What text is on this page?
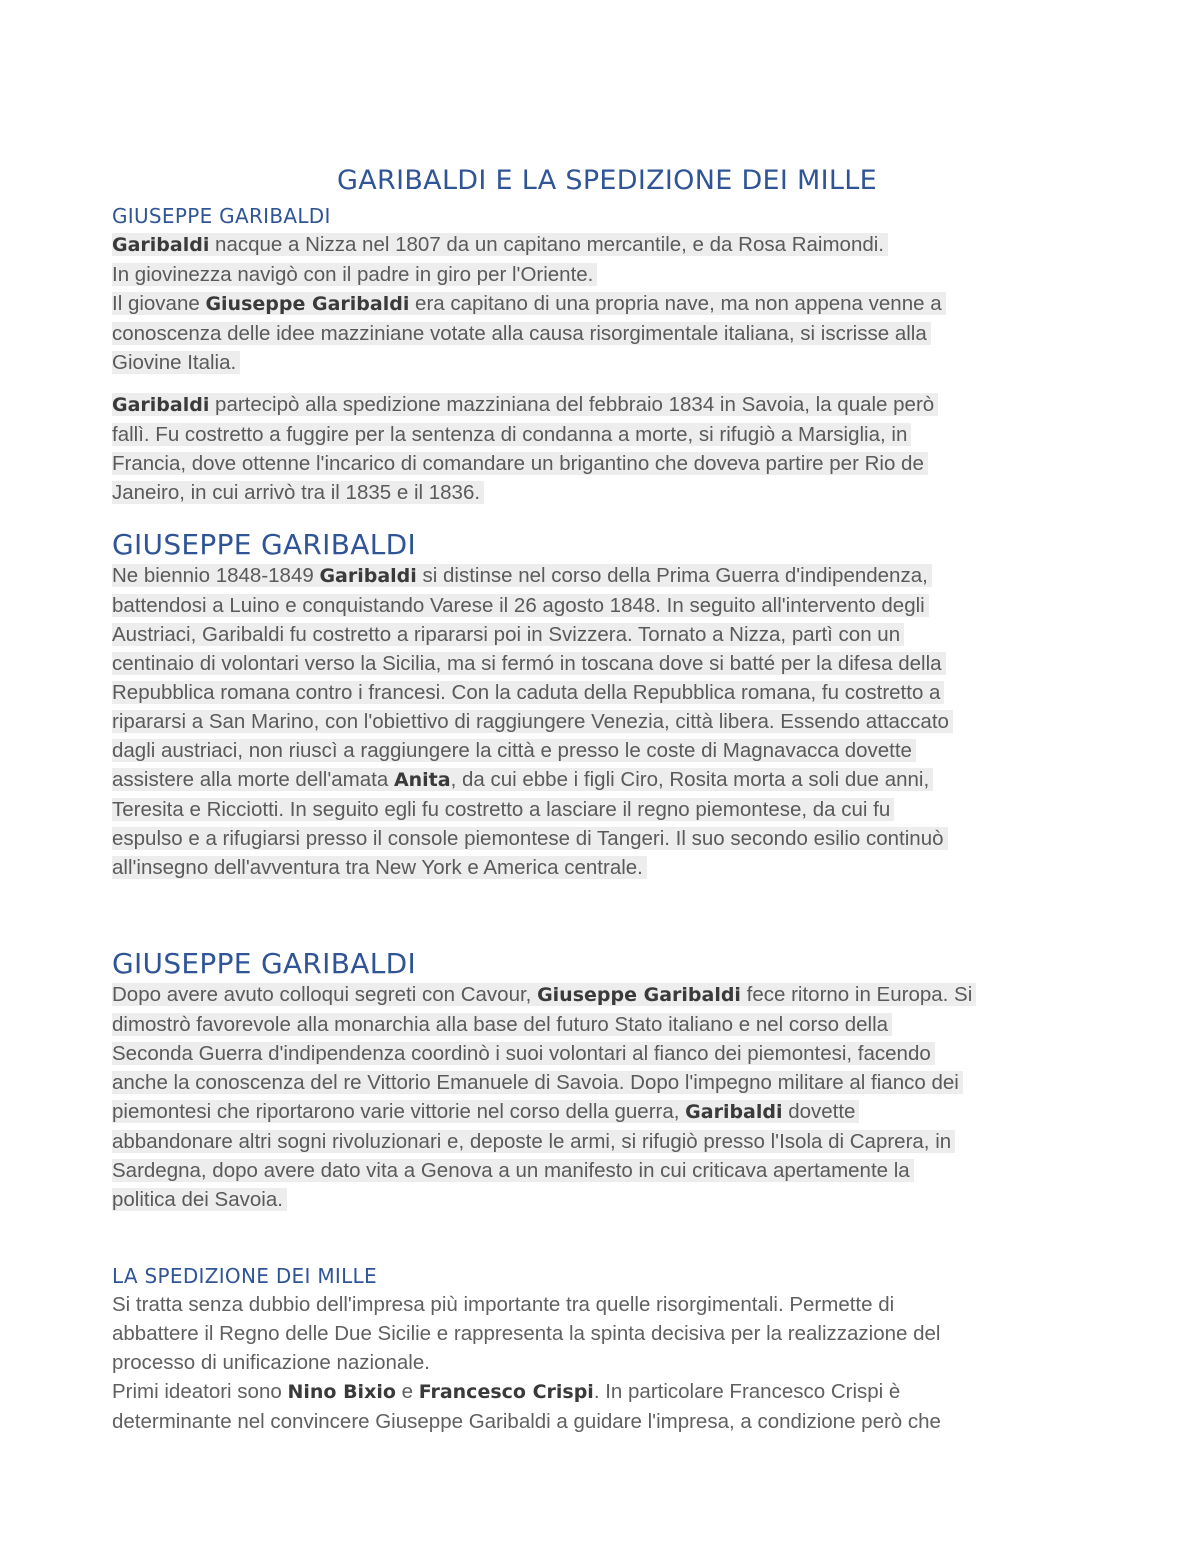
GARIBALDI E LA SPEDIZIONE DEI MILLE
GIUSEPPE GARIBALDI

Garibaldi nacque a Nizza nel 1807 da un capitano mercantile, e da Rosa Raimondi.
In giovinezza navigò con il padre in giro per l'Oriente.
Il giovane Giuseppe Garibaldi era capitano di una propria nave, ma non appena venne a
conoscenza delle idee mazziniane votate alla causa risorgimentale italiana, si iscrisse alla
Giovine Italia.

Garibaldi partecipò alla spedizione mazziniana del febbraio 1834 in Savoia, la quale però
fallì. Fu costretto a fuggire per la sentenza di condanna a morte, si rifugiò a Marsiglia, in
Francia, dove ottenne l'incarico di comandare un brigantino che doveva partire per Rio de
Janeiro, in cui arrivò tra il 1835 e il 1836.

GIUSEPPE GARIBALDI

Ne biennio 1848-1849 Garibaldi si distinse nel corso della Prima Guerra d'indipendenza,
battendosi a Luino e conquistando Varese il 26 agosto 1848. In seguito all'intervento degli
Austriaci, Garibaldi fu costretto a ripararsi poi in Svizzera. Tornato a Nizza, partì con un
centinaio di volontari verso la Sicilia, ma si fermó in toscana dove si batté per la difesa della
Repubblica romana contro i francesi. Con la caduta della Repubblica romana, fu costretto a
ripararsi a San Marino, con l'obiettivo di raggiungere Venezia, città libera. Essendo attaccato
dagli austriaci, non riuscì a raggiungere la città e presso le coste di Magnavacca dovette
assistere alla morte dell'amata Anita, da cui ebbe i figli Ciro, Rosita morta a soli due anni,
Teresita e Ricciotti. In seguito egli fu costretto a lasciare il regno piemontese, da cui fu
espulso e a rifugiarsi presso il console piemontese di Tangeri. Il suo secondo esilio continuò
all'insegno dell'avventura tra New York e America centrale.

GIUSEPPE GARIBALDI

Dopo avere avuto colloqui segreti con Cavour, Giuseppe Garibaldi fece ritorno in Europa. Si
dimostrò favorevole alla monarchia alla base del futuro Stato italiano e nel corso della
Seconda Guerra d'indipendenza coordinò i suoi volontari al fianco dei piemontesi, facendo
anche la conoscenza del re Vittorio Emanuele di Savoia. Dopo l'impegno militare al fianco dei
piemontesi che riportarono varie vittorie nel corso della guerra, Garibaldi dovette
abbandonare altri sogni rivoluzionari e, deposte le armi, si rifugiò presso l'Isola di Caprera, in
Sardegna, dopo avere dato vita a Genova a un manifesto in cui criticava apertamente la
politica dei Savoia.

LA SPEDIZIONE DEI MILLE

Si tratta senza dubbio dell'impresa più importante tra quelle risorgimentali. Permette di
abbattere il Regno delle Due Sicilie e rappresenta la spinta decisiva per la realizzazione del
processo di unificazione nazionale.
Primi ideatori sono Nino Bixio e Francesco Crispi. In particolare Francesco Crispi è
determinante nel convincere Giuseppe Garibaldi a guidare l'impresa, a condizione però che
